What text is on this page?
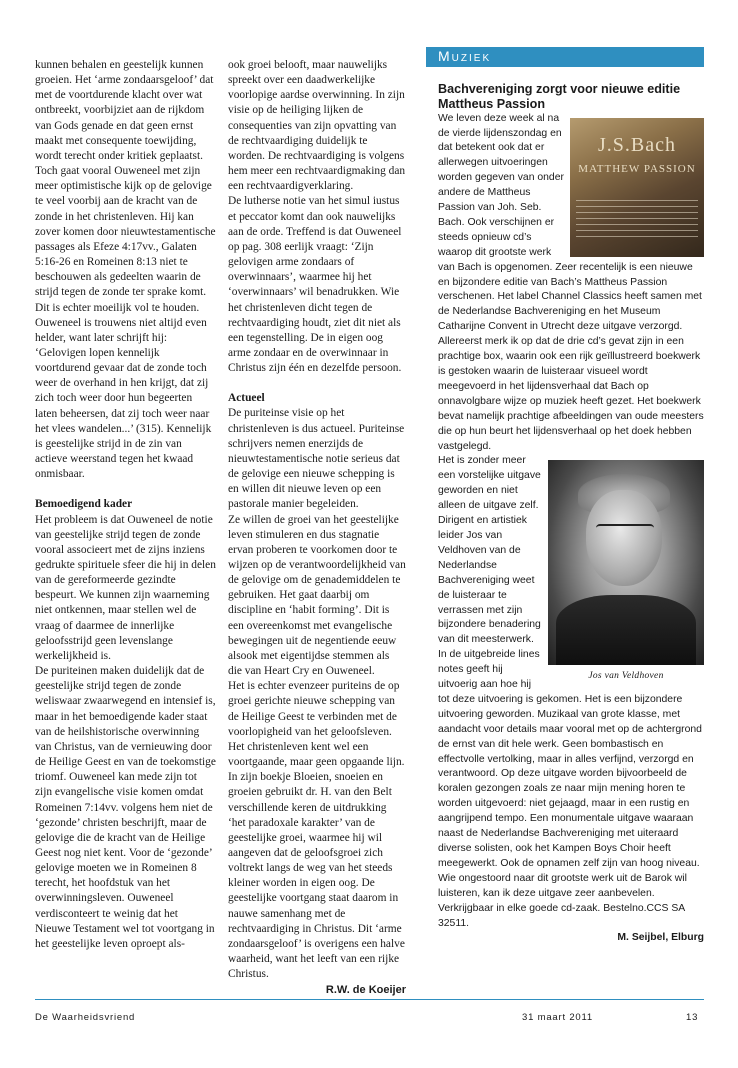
kunnen behalen en geestelijk kunnen groeien. Het ‘arme zondaarsgeloof’ dat met de voortdurende klacht over wat ontbreekt, voorbijziet aan de rijkdom van Gods genade en dat geen ernst maakt met consequente toewijding, wordt terecht onder kritiek geplaatst.

Toch gaat vooral Ouweneel met zijn meer optimistische kijk op de gelovige te veel voorbij aan de kracht van de zonde in het christenleven. Hij kan zover komen door nieuwtestamentische passages als Efeze 4:17vv., Galaten 5:16-26 en Romeinen 8:13 niet te beschouwen als gedeelten waarin de strijd tegen de zonde ter sprake komt. Dit is echter moeilijk vol te houden. Ouweneel is trouwens niet altijd even helder, want later schrijft hij: ‘Gelovigen lopen kennelijk voortdurend gevaar dat de zonde toch weer de overhand in hen krijgt, dat zij zich toch weer door hun begeerten laten beheersen, dat zij toch weer naar het vlees wandelen...’ (315). Kennelijk is geestelijke strijd in de zin van actieve weerstand tegen het kwaad onmisbaar.

Bemoedigend kader

Het probleem is dat Ouweneel de notie van geestelijke strijd tegen de zonde vooral associeert met de zijns inziens gedrukte spirituele sfeer die hij in delen van de gereformeerde gezindte bespeurt. We kunnen zijn waarneming niet ontkennen, maar stellen wel de vraag of daarmee de innerlijke geloofsstrijd geen levenslange werkelijkheid is.

De puriteinen maken duidelijk dat de geestelijke strijd tegen de zonde weliswaar zwaarwegend en intensief is, maar in het bemoedigende kader staat van de heilshistorische overwinning van Christus, van de vernieuwing door de Heilige Geest en van de toekomstige triomf. Ouweneel kan mede zijn tot zijn evangelische visie komen omdat Romeinen 7:14vv. volgens hem niet de ‘gezonde’ christen beschrijft, maar de gelovige die de kracht van de Heilige Geest nog niet kent. Voor de ‘gezonde’ gelovige moeten we in Romeinen 8 terecht, het hoofdstuk van het overwinningsleven. Ouweneel verdisconteert te weinig dat het Nieuwe Testament wel tot voortgang in het geestelijke leven oproept als-

ook groei belooft, maar nauwelijks spreekt over een daadwerkelijke voorlopige aardse overwinning. In zijn visie op de heiliging lijken de consequenties van zijn opvatting van de rechtvaardiging duidelijk te worden. De rechtvaardiging is volgens hem meer een rechtvaardigmaking dan een rechtvaardigverklaring.

De lutherse notie van het simul iustus et peccator komt dan ook nauwelijks aan de orde. Treffend is dat Ouweneel op pag. 308 eerlijk vraagt: ‘Zijn gelovigen arme zondaars of overwinnaars’, waarmee hij het ‘overwinnaars’ wil benadrukken. Wie het christenleven dicht tegen de rechtvaardiging houdt, ziet dit niet als een tegenstelling. De in eigen oog arme zondaar en de overwinnaar in Christus zijn één en dezelfde persoon.

Actueel

De puriteinse visie op het christenleven is dus actueel. Puriteinse schrijvers nemen enerzijds de nieuwtestamentische notie serieus dat de gelovige een nieuwe schepping is en willen dit nieuwe leven op een pastorale manier begeleiden.

Ze willen de groei van het geestelijke leven stimuleren en dus stagnatie ervan proberen te voorkomen door te wijzen op de verantwoordelijkheid van de gelovige om de genademiddelen te gebruiken. Het gaat daarbij om discipline en ‘habit forming’. Dit is een overeenkomst met evangelische bewegingen uit de negentiende eeuw alsook met eigentijdse stemmen als die van Heart Cry en Ouweneel.

Het is echter evenzeer puriteins de op groei gerichte nieuwe schepping van de Heilige Geest te verbinden met de voorlopigheid van het geloofsleven. Het christenleven kent wel een voortgaande, maar geen opgaande lijn.

In zijn boekje Bloeien, snoeien en groeien gebruikt dr. H. van den Belt verschillende keren de uitdrukking ‘het paradoxale karakter’ van de geestelijke groei, waarmee hij wil aangeven dat de geloofsgroei zich voltrekt langs de weg van het steeds kleiner worden in eigen oog. De geestelijke voortgang staat daarom in nauwe samenhang met de rechtvaardiging in Christus. Dit ‘arme zondaarsgeloof’ is overigens een halve waarheid, want het leeft van een rijke Christus.

R.W. de Koeijer

Muziek

Bachvereniging zorgt voor nieuwe editie Mattheus Passion

J.S.Bach
MATTHEW PASSION

We leven deze week al na de vierde lijdenszondag en dat betekent ook dat er allerwegen uitvoeringen worden gegeven van onder andere de Mattheus Passion van Joh. Seb. Bach. Ook verschijnen er steeds opnieuw cd’s waarop dit grootste werk van Bach is opgenomen. Zeer recentelijk is een nieuwe en bijzondere editie van Bach’s Mattheus Passion verschenen. Het label Channel Classics heeft samen met de Nederlandse Bachvereniging en het Museum Catharijne Convent in Utrecht deze uitgave verzorgd. Allereerst merk ik op dat de drie cd’s gevat zijn in een prachtige box, waarin ook een rijk geïllustreerd boekwerk is gestoken waarin de luisteraar visueel wordt meegevoerd in het lijdensverhaal dat Bach op onnavolgbare wijze op muziek heeft gezet. Het boekwerk bevat namelijk prachtige afbeeldingen van oude meesters die op hun beurt het lijdensverhaal op het doek hebben vastgelegd.

Jos van Veldhoven

Het is zonder meer een vorstelijke uitgave geworden en niet alleen de uitgave zelf. Dirigent en artistiek leider Jos van Veldhoven van de Nederlandse Bachvereniging weet de luisteraar te verrassen met zijn bijzondere benadering van dit meesterwerk. In de uitgebreide lines notes geeft hij uitvoerig aan hoe hij tot deze uitvoering is gekomen. Het is een bijzondere uitvoering geworden. Muzikaal van grote klasse, met aandacht voor details maar vooral met op de achtergrond de ernst van dit hele werk. Geen bombastisch en effectvolle vertolking, maar in alles verfijnd, verzorgd en verantwoord. Op deze uitgave worden bijvoorbeeld de koralen gezongen zoals ze naar mijn mening horen te worden uitgevoerd: niet gejaagd, maar in een rustig en aangrijpend tempo. Een monumentale uitgave waaraan naast de Nederlandse Bachvereniging met uiteraard diverse solisten, ook het Kampen Boys Choir heeft meegewerkt. Ook de opnamen zelf zijn van hoog niveau.

Wie ongestoord naar dit grootste werk uit de Barok wil luisteren, kan ik deze uitgave zeer aanbevelen. Verkrijgbaar in elke goede cd-zaak. Bestelno.CCS SA 32511.

M. Seijbel, Elburg

De Waarheidsvriend	31 maart 2011	13
